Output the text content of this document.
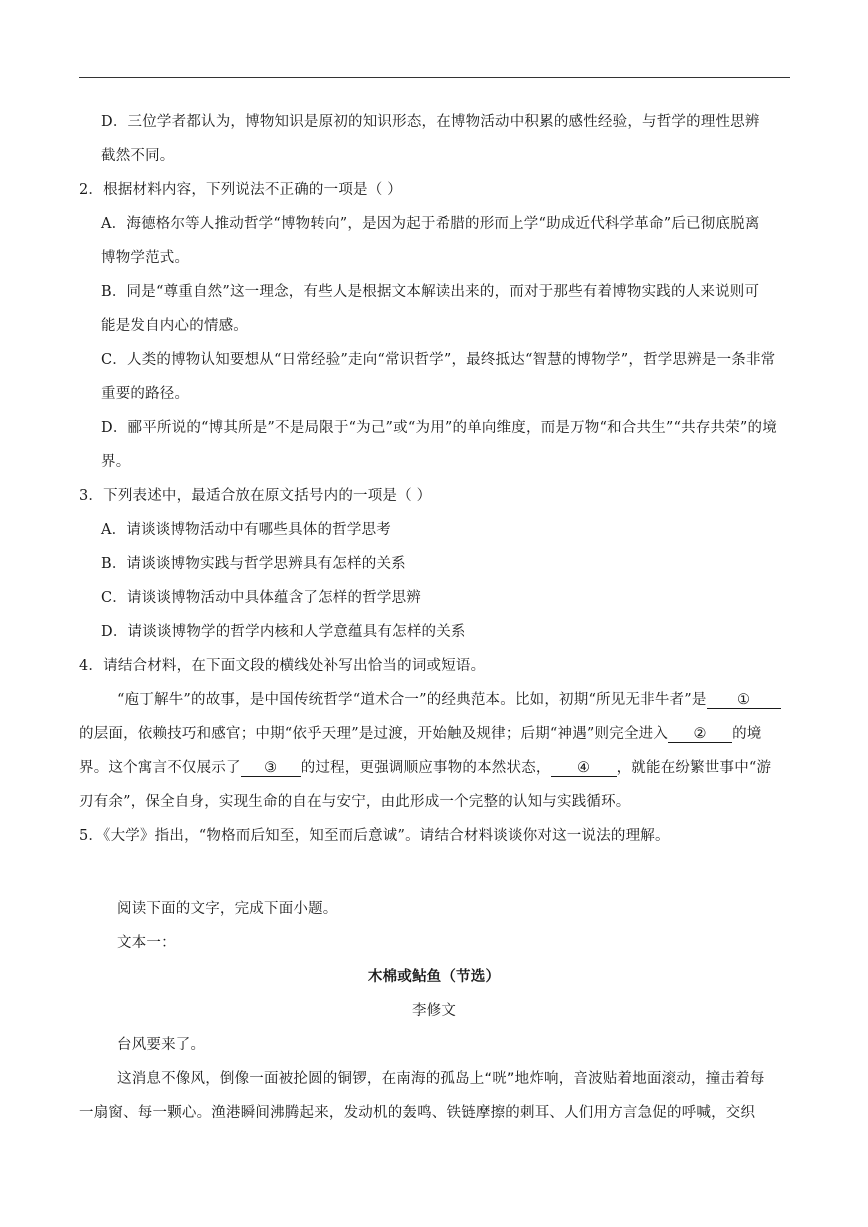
D．三位学者都认为，博物知识是原初的知识形态，在博物活动中积累的感性经验，与哲学的理性思辨
截然不同。
2．根据材料内容，下列说法不正确的一项是（ ）
A．海德格尔等人推动哲学“博物转向”，是因为起于希腊的形而上学“助成近代科学革命”后已彻底脱离
博物学范式。
B．同是“尊重自然”这一理念，有些人是根据文本解读出来的，而对于那些有着博物实践的人来说则可
能是发自内心的情感。
C．人类的博物认知要想从“日常经验”走向“常识哲学”，最终抵达“智慧的博物学”，哲学思辨是一条非常
重要的路径。
D．郦平所说的“博其所是”不是局限于“为己”或“为用”的单向维度，而是万物“和合共生”“共存共荣”的境
界。
3．下列表述中，最适合放在原文括号内的一项是（ ）
A．请谈谈博物活动中有哪些具体的哲学思考
B．请谈谈博物实践与哲学思辨具有怎样的关系
C．请谈谈博物活动中具体蕴含了怎样的哲学思辨
D．请谈谈博物学的哲学内核和人学意蕴具有怎样的关系
4．请结合材料，在下面文段的横线处补写出恰当的词或短语。
“庖丁解牛”的故事，是中国传统哲学“道术合一”的经典范本。比如，初期“所见无非牛者”是 ①
的层面，依赖技巧和感官；中期“依乎天理”是过渡，开始触及规律；后期“神遇”则完全进入 ② 的境
界。这个寓言不仅展示了 ③ 的过程，更强调顺应事物的本然状态， ④ ，就能在纷繁世事中“游
刃有余”，保全自身，实现生命的自在与安宁，由此形成一个完整的认知与实践循环。
5．《大学》指出，“物格而后知至，知至而后意诚”。请结合材料谈谈你对这一说法的理解。
阅读下面的文字，完成下面小题。
文本一：
木棉或鲇鱼（节选）
李修文
台风要来了。
这消息不像风，倒像一面被抡圆的铜锣，在南海的孤岛上“咣”地炸响，音波贴着地面滚动，撞击着每
一扇窗、每一颗心。渔港瞬间沸腾起来，发动机的轰鸣、铁链摩擦的刺耳、人们用方言急促的呼喊，交织
